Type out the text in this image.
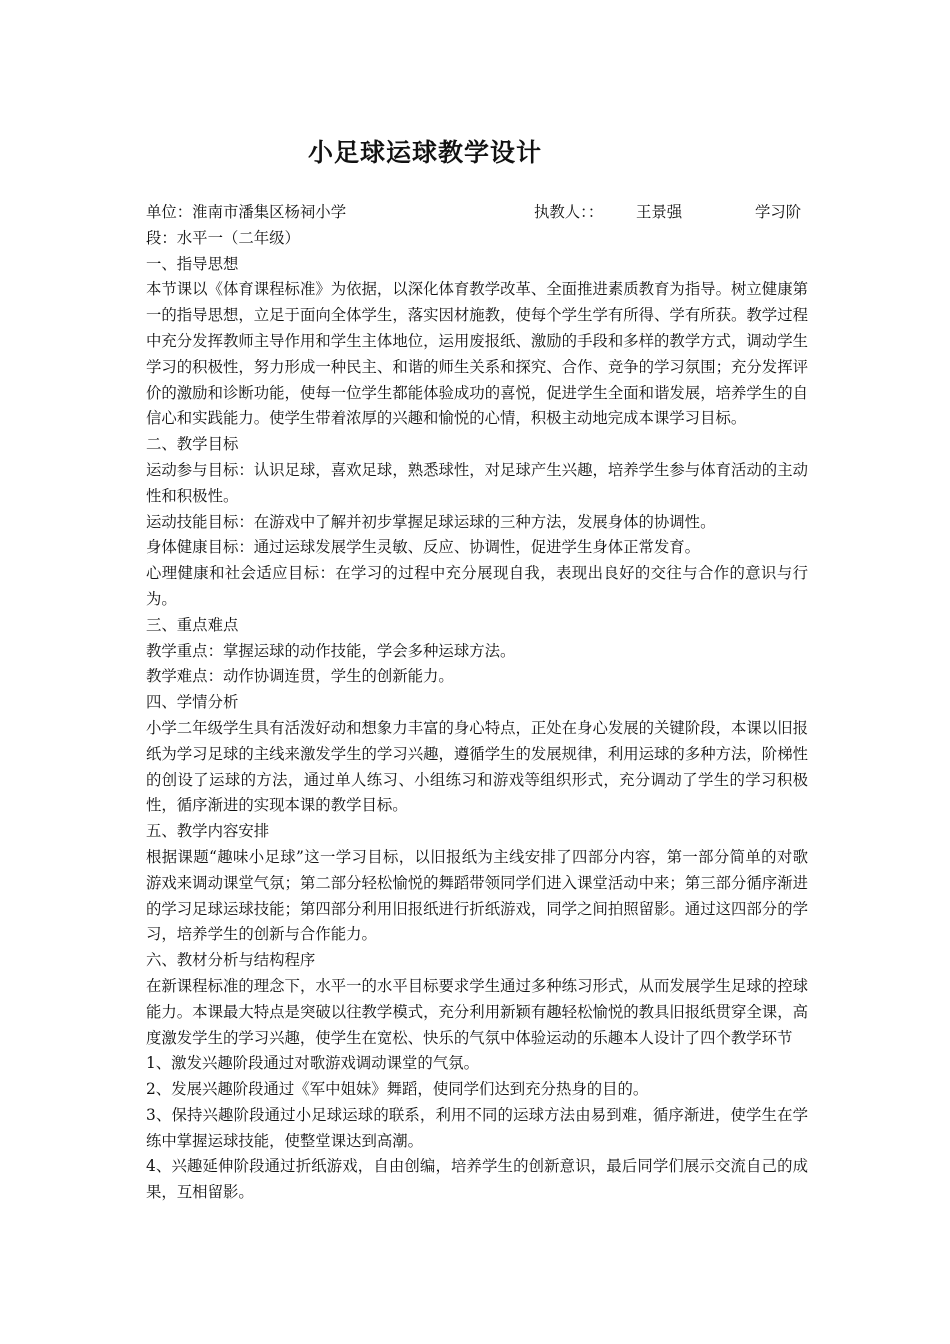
小足球运球教学设计
单位：淮南市潘集区杨祠小学	执教人：： 王景强	学习阶

段：水平一（二年级）

一、指导思想

本节课以《体育课程标准》为依据，以深化体育教学改革、全面推进素质教育为指导。树立健康第一的指导思想，立足于面向全体学生，落实因材施教，使每个学生学有所得、学有所获。教学过程中充分发挥教师主导作用和学生主体地位，运用废报纸、激励的手段和多样的教学方式，调动学生学习的积极性，努力形成一种民主、和谐的师生关系和探究、合作、竞争的学习氛围；充分发挥评价的激励和诊断功能，使每一位学生都能体验成功的喜悦，促进学生全面和谐发展，培养学生的自信心和实践能力。使学生带着浓厚的兴趣和愉悦的心情，积极主动地完成本课学习目标。

二、教学目标

运动参与目标：认识足球，喜欢足球，熟悉球性，对足球产生兴趣，培养学生参与体育活动的主动性和积极性。

运动技能目标：在游戏中了解并初步掌握足球运球的三种方法，发展身体的协调性。

身体健康目标：通过运球发展学生灵敏、反应、协调性，促进学生身体正常发育。

心理健康和社会适应目标：在学习的过程中充分展现自我，表现出良好的交往与合作的意识与行为。

三、重点难点

教学重点：掌握运球的动作技能，学会多种运球方法。

教学难点：动作协调连贯，学生的创新能力。

四、学情分析

小学二年级学生具有活泼好动和想象力丰富的身心特点，正处在身心发展的关键阶段，本课以旧报纸为学习足球的主线来激发学生的学习兴趣，遵循学生的发展规律，利用运球的多种方法，阶梯性的创设了运球的方法，通过单人练习、小组练习和游戏等组织形式，充分调动了学生的学习积极性，循序渐进的实现本课的教学目标。

五、教学内容安排

根据课题“趣味小足球”这一学习目标，以旧报纸为主线安排了四部分内容，第一部分简单的对歌游戏来调动课堂气氛；第二部分轻松愉悦的舞蹈带领同学们进入课堂活动中来；第三部分循序渐进的学习足球运球技能；第四部分利用旧报纸进行折纸游戏，同学之间拍照留影。通过这四部分的学习，培养学生的创新与合作能力。

六、教材分析与结构程序

在新课程标准的理念下，水平一的水平目标要求学生通过多种练习形式，从而发展学生足球的控球能力。本课最大特点是突破以往教学模式，充分利用新颖有趣轻松愉悦的教具旧报纸贯穿全课，高度激发学生的学习兴趣，使学生在宽松、快乐的气氛中体验运动的乐趣本人设计了四个教学环节

1、激发兴趣阶段通过对歌游戏调动课堂的气氛。

2、发展兴趣阶段通过《军中姐妹》舞蹈，使同学们达到充分热身的目的。

3、保持兴趣阶段通过小足球运球的联系，利用不同的运球方法由易到难，循序渐进，使学生在学练中掌握运球技能，使整堂课达到高潮。

4、兴趣延伸阶段通过折纸游戏，自由创编，培养学生的创新意识，最后同学们展示交流自己的成果，互相留影。
